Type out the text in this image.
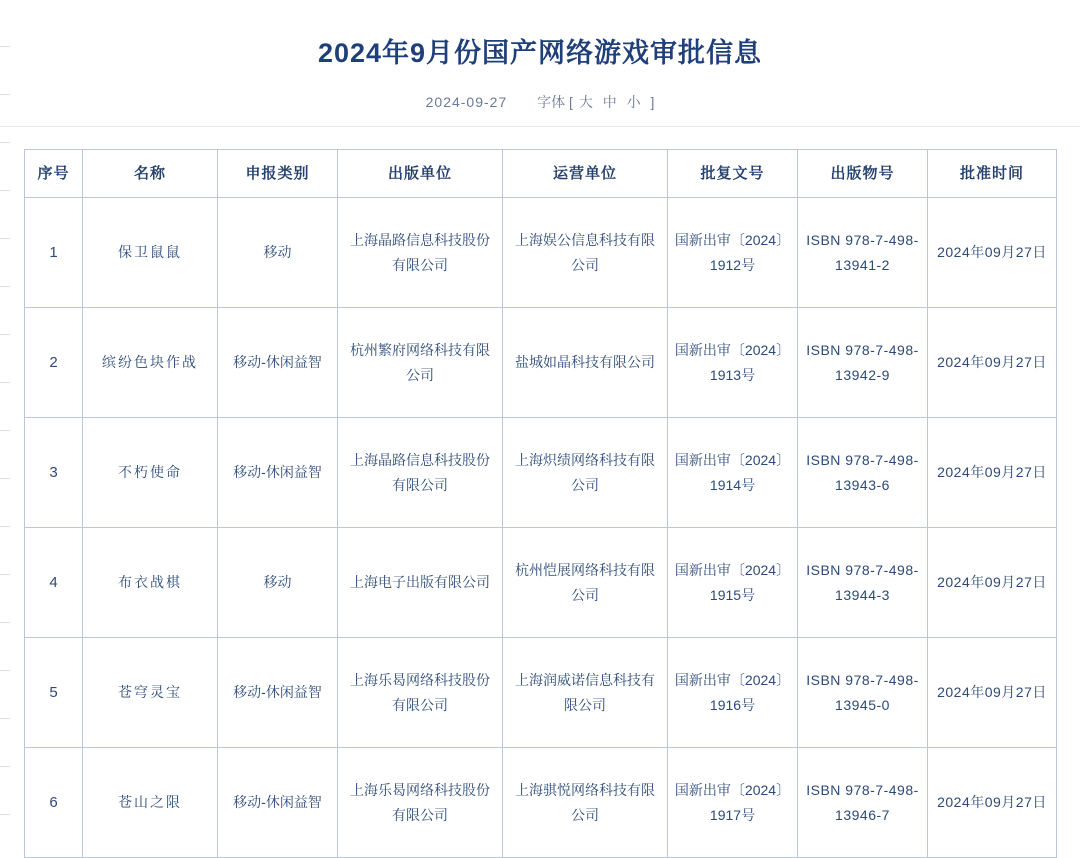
2024年9月份国产网络游戏审批信息
2024-09-27 字体 [ 大 中 小 ]
序号	名称	申报类别	出版单位	运营单位	批复文号	出版物号	批准时间
1	保卫鼠鼠	移动	上海晶路信息科技股份有限公司	上海娱公信息科技有限公司	国新出审〔2024〕1912号	ISBN 978-7-498-13941-2	2024年09月27日
2	缤纷色块作战	移动-休闲益智	杭州繁府网络科技有限公司	盐城如晶科技有限公司	国新出审〔2024〕1913号	ISBN 978-7-498-13942-9	2024年09月27日
3	不朽使命	移动-休闲益智	上海晶路信息科技股份有限公司	上海炽绩网络科技有限公司	国新出审〔2024〕1914号	ISBN 978-7-498-13943-6	2024年09月27日
4	布衣战棋	移动	上海电子出版有限公司	杭州恺展网络科技有限公司	国新出审〔2024〕1915号	ISBN 978-7-498-13944-3	2024年09月27日
5	苍穹灵宝	移动-休闲益智	上海乐曷网络科技股份有限公司	上海润威诺信息科技有限公司	国新出审〔2024〕1916号	ISBN 978-7-498-13945-0	2024年09月27日
6	苍山之限	移动-休闲益智	上海乐曷网络科技股份有限公司	上海骐悦网络科技有限公司	国新出审〔2024〕1917号	ISBN 978-7-498-13946-7	2024年09月27日
